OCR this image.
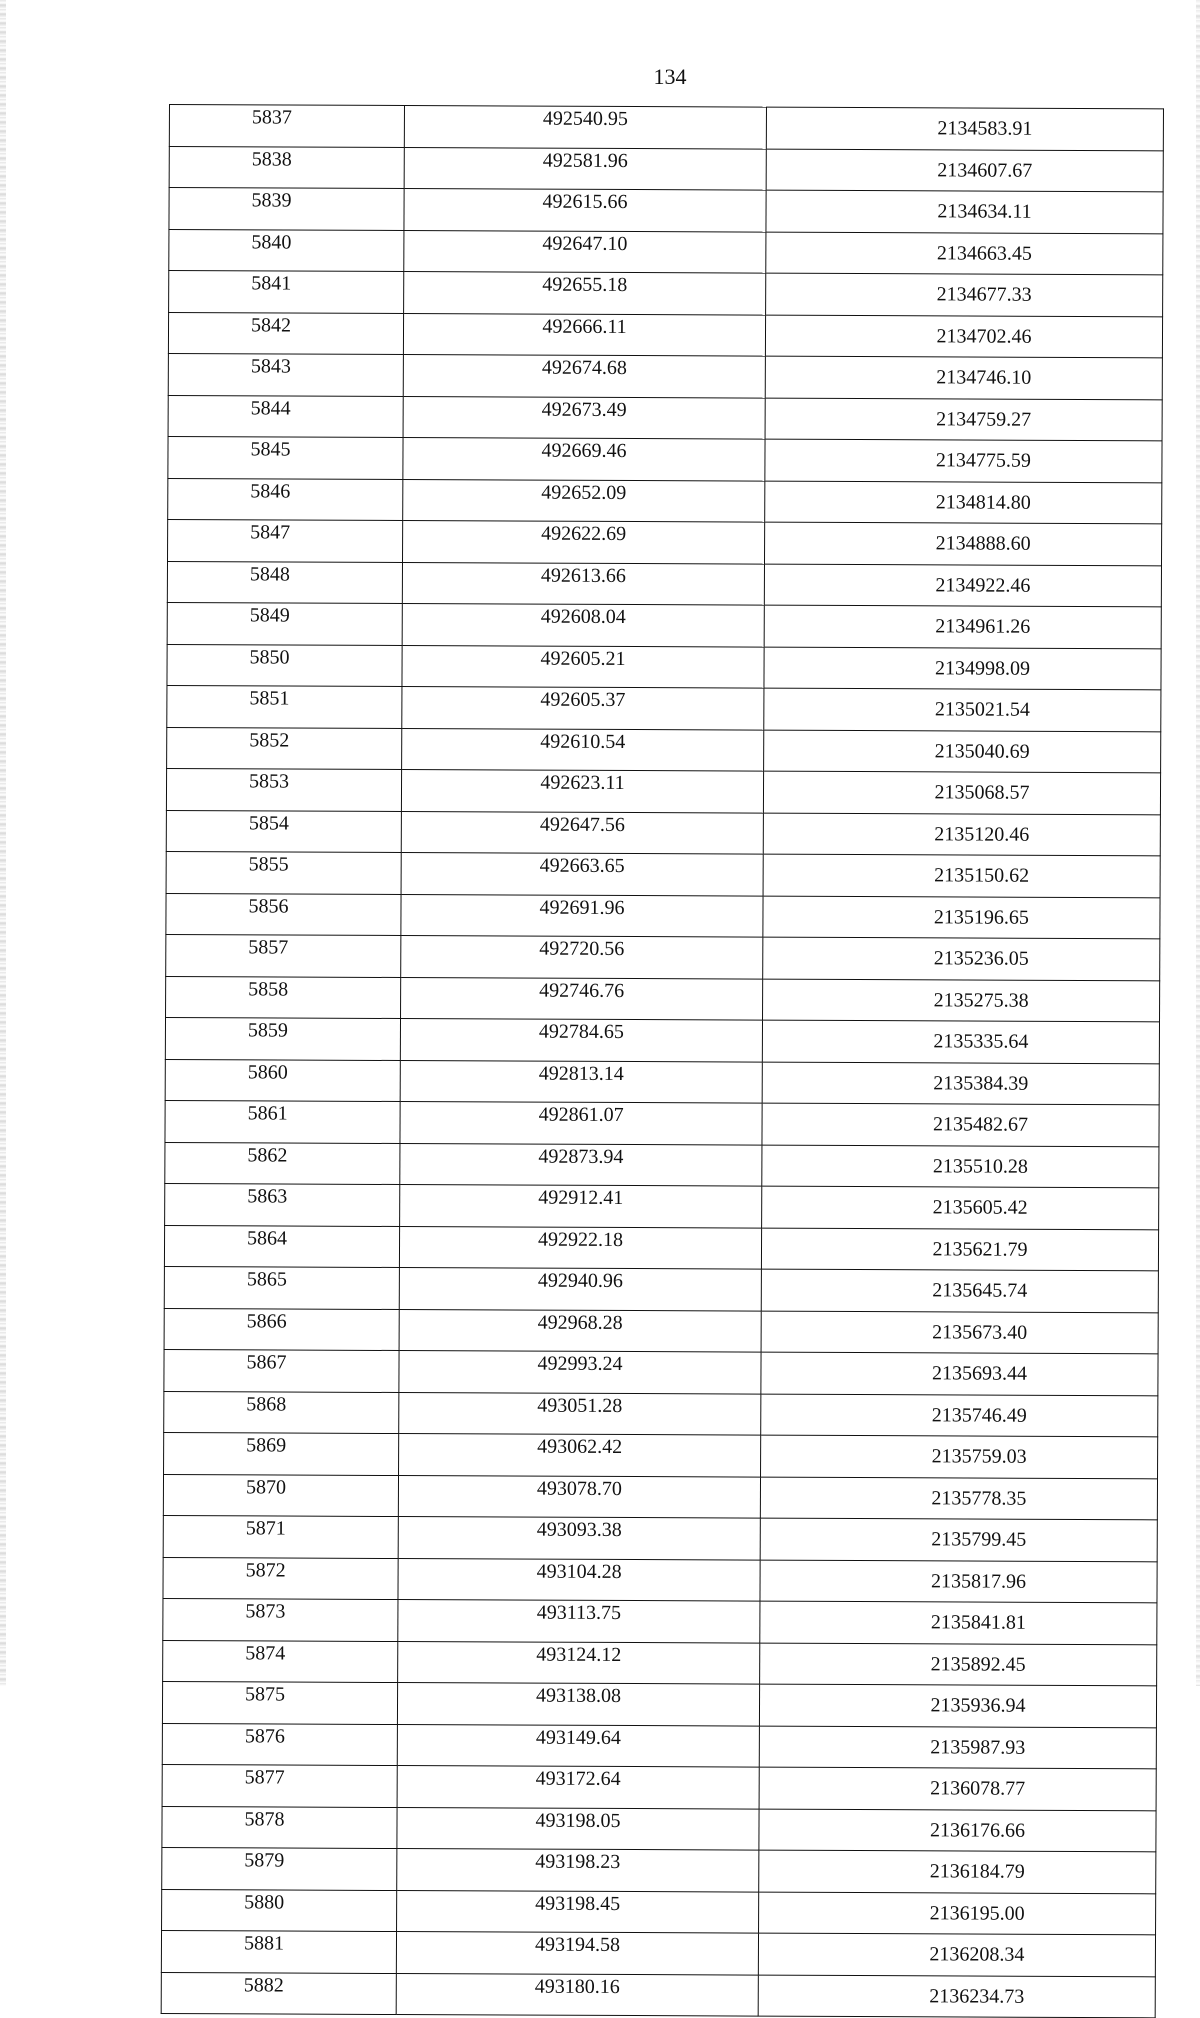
134
5837	492540.95	2134583.91
5838	492581.96	2134607.67
5839	492615.66	2134634.11
5840	492647.10	2134663.45
5841	492655.18	2134677.33
5842	492666.11	2134702.46
5843	492674.68	2134746.10
5844	492673.49	2134759.27
5845	492669.46	2134775.59
5846	492652.09	2134814.80
5847	492622.69	2134888.60
5848	492613.66	2134922.46
5849	492608.04	2134961.26
5850	492605.21	2134998.09
5851	492605.37	2135021.54
5852	492610.54	2135040.69
5853	492623.11	2135068.57
5854	492647.56	2135120.46
5855	492663.65	2135150.62
5856	492691.96	2135196.65
5857	492720.56	2135236.05
5858	492746.76	2135275.38
5859	492784.65	2135335.64
5860	492813.14	2135384.39
5861	492861.07	2135482.67
5862	492873.94	2135510.28
5863	492912.41	2135605.42
5864	492922.18	2135621.79
5865	492940.96	2135645.74
5866	492968.28	2135673.40
5867	492993.24	2135693.44
5868	493051.28	2135746.49
5869	493062.42	2135759.03
5870	493078.70	2135778.35
5871	493093.38	2135799.45
5872	493104.28	2135817.96
5873	493113.75	2135841.81
5874	493124.12	2135892.45
5875	493138.08	2135936.94
5876	493149.64	2135987.93
5877	493172.64	2136078.77
5878	493198.05	2136176.66
5879	493198.23	2136184.79
5880	493198.45	2136195.00
5881	493194.58	2136208.34
5882	493180.16	2136234.73
